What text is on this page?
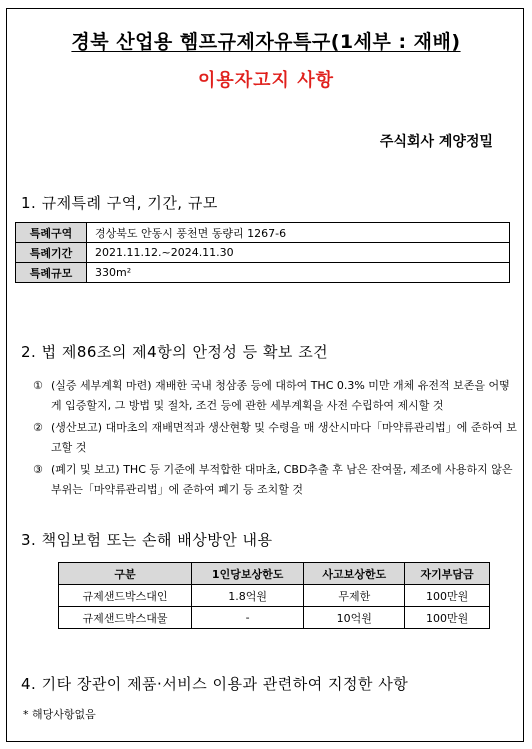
경북 산업용 헴프규제자유특구(1세부 : 재배)
이용자고지 사항
주식회사 계양정밀
1. 규제특례 구역, 기간, 규모
특례구역	경상북도 안동시 풍천면 동량리 1267-6
특례기간	2021.11.12.~2024.11.30
특례규모	330m²
2. 법 제86조의 제4항의 안정성 등 확보 조건
① (실증 세부계획 마련) 재배한 국내 청삼종 등에 대하여 THC 0.3% 미만 개체 유전적 보존을 어떻게 입증할지, 그 방법 및 절차, 조건 등에 관한 세부계획을 사전 수립하여 제시할 것
② (생산보고) 대마초의 재배면적과 생산현황 및 수령을 매 생산시마다「마약류관리법」에 준하여 보고할 것
③ (폐기 및 보고) THC 등 기준에 부적합한 대마초, CBD추출 후 남은 잔여물, 제조에 사용하지 않은 부위는「마약류관리법」에 준하여 폐기 등 조치할 것
3. 책임보험 또는 손해 배상방안 내용
구분	1인당보상한도	사고보상한도	자기부담금
규제샌드박스대인	1.8억원	무제한	100만원
규제샌드박스대물	-	10억원	100만원
4. 기타 장관이 제품·서비스 이용과 관련하여 지정한 사항
* 해당사항없음
